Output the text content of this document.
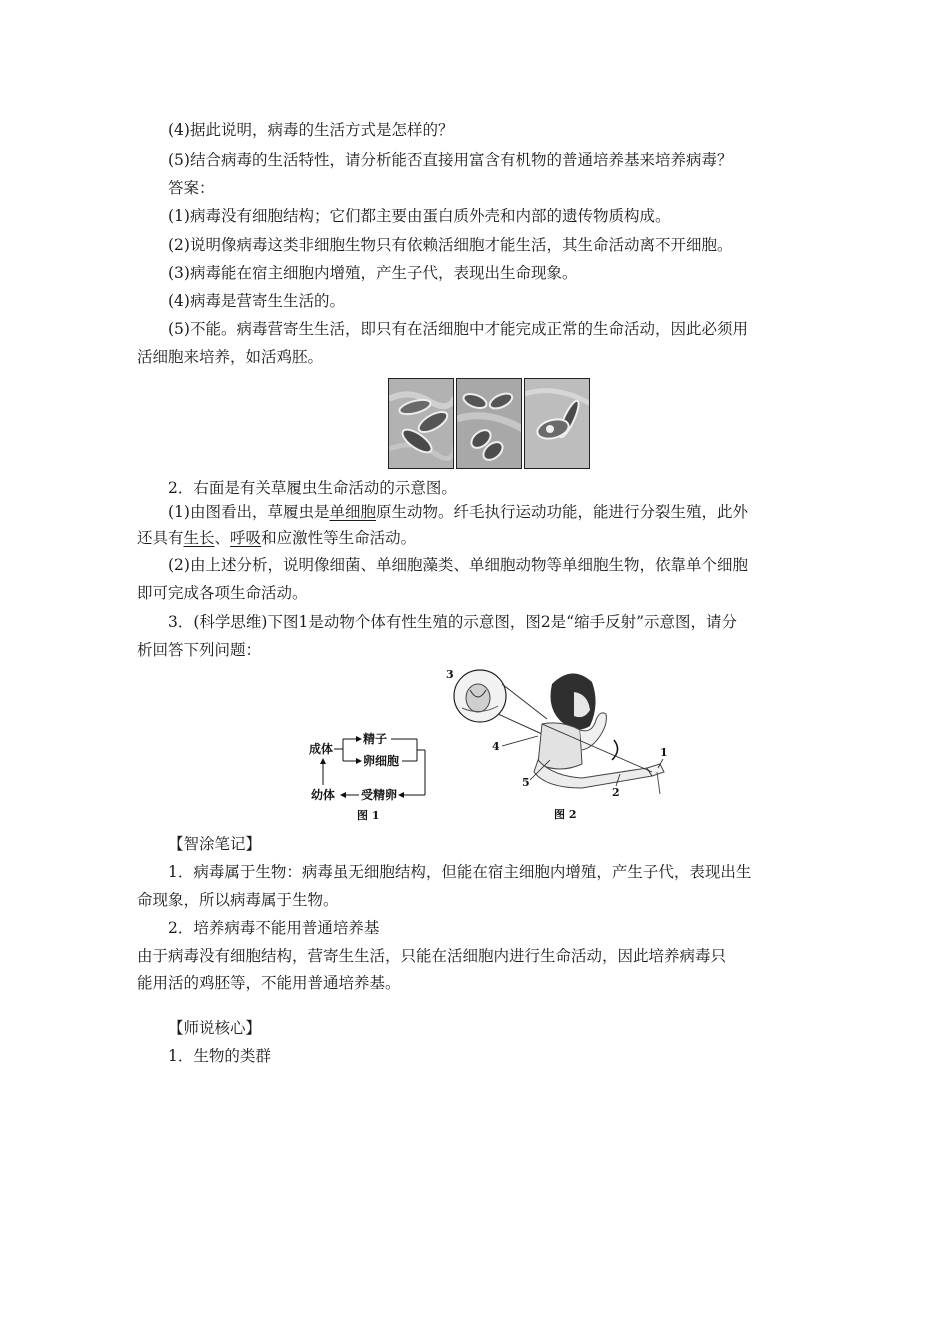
(4)据此说明，病毒的生活方式是怎样的？
(5)结合病毒的生活特性，请分析能否直接用富含有机物的普通培养基来培养病毒？
答案：
(1)病毒没有细胞结构；它们都主要由蛋白质外壳和内部的遗传物质构成。
(2)说明像病毒这类非细胞生物只有依赖活细胞才能生活，其生命活动离不开细胞。
(3)病毒能在宿主细胞内增殖，产生子代，表现出生命现象。
(4)病毒是营寄生生活的。
(5)不能。病毒营寄生生活，即只有在活细胞中才能完成正常的生命活动，因此必须用
活细胞来培养，如活鸡胚。
2．右面是有关草履虫生命活动的示意图。
(1)由图看出，草履虫是单细胞原生动物。纤毛执行运动功能，能进行分裂生殖，此外
还具有生长、呼吸和应激性等生命活动。
(2)由上述分析，说明像细菌、单细胞藻类、单细胞动物等单细胞生物，依靠单个细胞
即可完成各项生命活动。
3．(科学思维)下图1是动物个体有性生殖的示意图，图2是“缩手反射”示意图，请分
析回答下列问题：
成体
精子
卵细胞
受精卵
幼体
图 1
3
4
5
2
1
图 2
【智涂笔记】
1．病毒属于生物：病毒虽无细胞结构，但能在宿主细胞内增殖，产生子代，表现出生
命现象，所以病毒属于生物。
2．培养病毒不能用普通培养基
由于病毒没有细胞结构，营寄生生活，只能在活细胞内进行生命活动，因此培养病毒只
能用活的鸡胚等，不能用普通培养基。
【师说核心】
1．生物的类群
